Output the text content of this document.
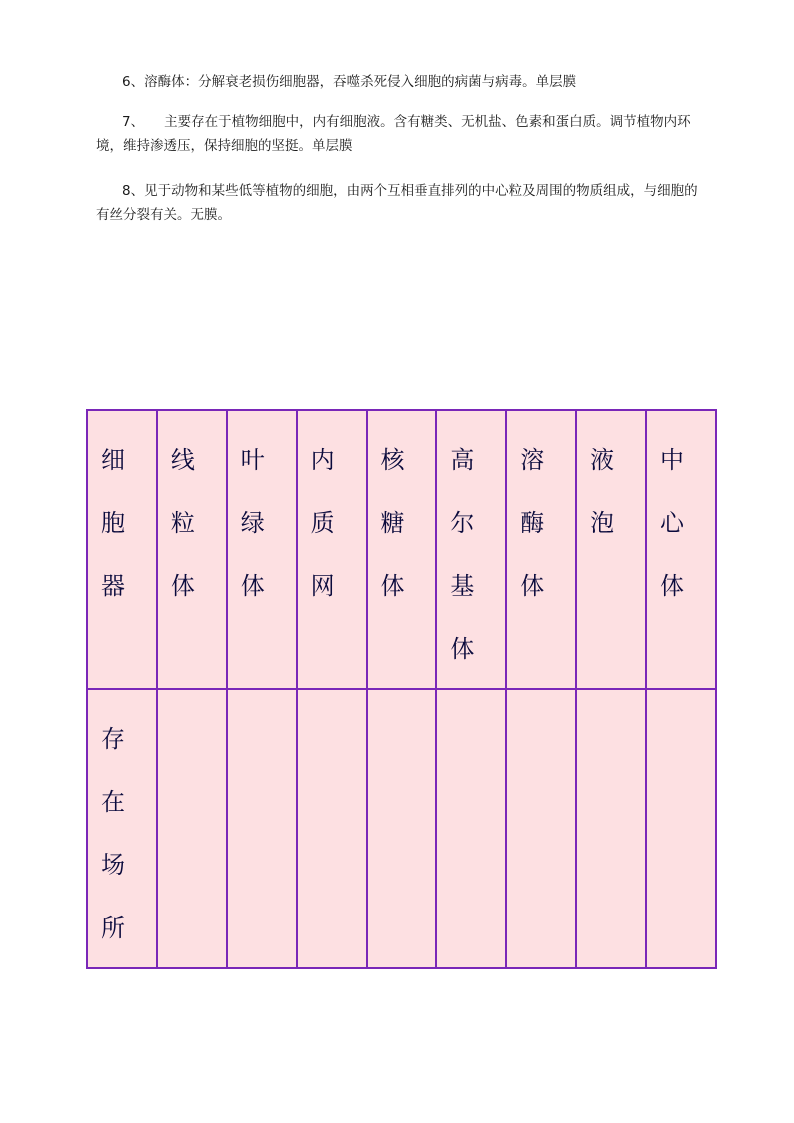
6、溶酶体：分解衰老损伤细胞器，吞噬杀死侵入细胞的病菌与病毒。单层膜

7、 主要存在于植物细胞中，内有细胞液。含有糖类、无机盐、色素和蛋白质。调节植物内环境，维持渗透压，保持细胞的坚挺。单层膜

8、见于动物和某些低等植物的细胞，由两个互相垂直排列的中心粒及周围的物质组成，与细胞的有丝分裂有关。无膜。

细胞器	线粒体	叶绿体	内质网	核糖体	高尔基体	溶酶体	液泡	中心体

存在场所								
